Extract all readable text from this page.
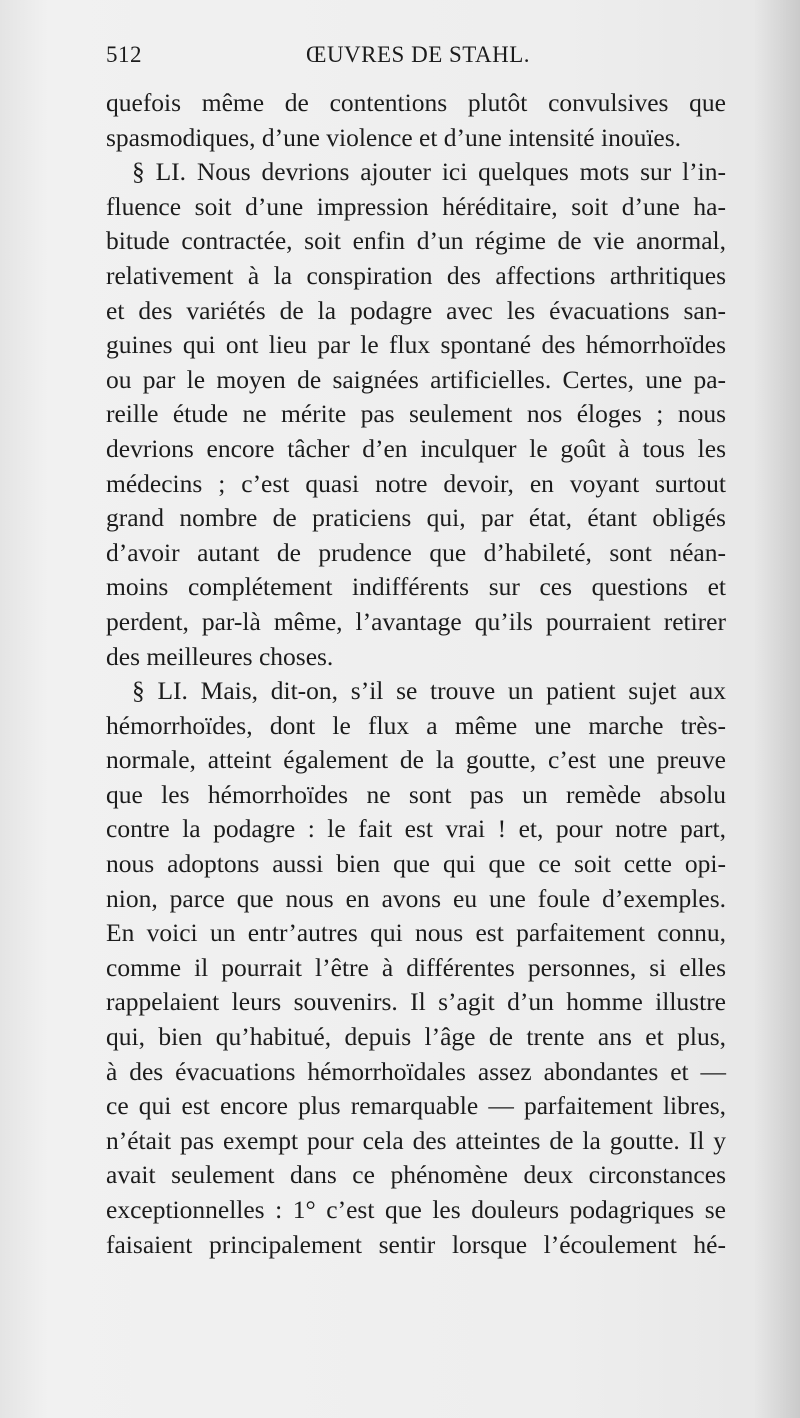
512	ŒUVRES DE STAHL.
quefois même de contentions plutôt convulsives que
spasmodiques, d’une violence et d’une intensité inouïes.
§ LI. Nous devrions ajouter ici quelques mots sur l’in-
fluence soit d’une impression héréditaire, soit d’une ha-
bitude contractée, soit enfin d’un régime de vie anormal,
relativement à la conspiration des affections arthritiques
et des variétés de la podagre avec les évacuations san-
guines qui ont lieu par le flux spontané des hémorrhoïdes
ou par le moyen de saignées artificielles. Certes, une pa-
reille étude ne mérite pas seulement nos éloges ; nous
devrions encore tâcher d’en inculquer le goût à tous les
médecins ; c’est quasi notre devoir, en voyant surtout
grand nombre de praticiens qui, par état, étant obligés
d’avoir autant de prudence que d’habileté, sont néan-
moins complétement indifférents sur ces questions et
perdent, par-là même, l’avantage qu’ils pourraient retirer
des meilleures choses.
§ LI. Mais, dit-on, s’il se trouve un patient sujet aux
hémorrhoïdes, dont le flux a même une marche très-
normale, atteint également de la goutte, c’est une preuve
que les hémorrhoïdes ne sont pas un remède absolu
contre la podagre : le fait est vrai ! et, pour notre part,
nous adoptons aussi bien que qui que ce soit cette opi-
nion, parce que nous en avons eu une foule d’exemples.
En voici un entr’autres qui nous est parfaitement connu,
comme il pourrait l’être à différentes personnes, si elles
rappelaient leurs souvenirs. Il s’agit d’un homme illustre
qui, bien qu’habitué, depuis l’âge de trente ans et plus,
à des évacuations hémorrhoïdales assez abondantes et —
ce qui est encore plus remarquable — parfaitement libres,
n’était pas exempt pour cela des atteintes de la goutte. Il y
avait seulement dans ce phénomène deux circonstances
exceptionnelles : 1° c’est que les douleurs podagriques se
faisaient principalement sentir lorsque l’écoulement hé-
